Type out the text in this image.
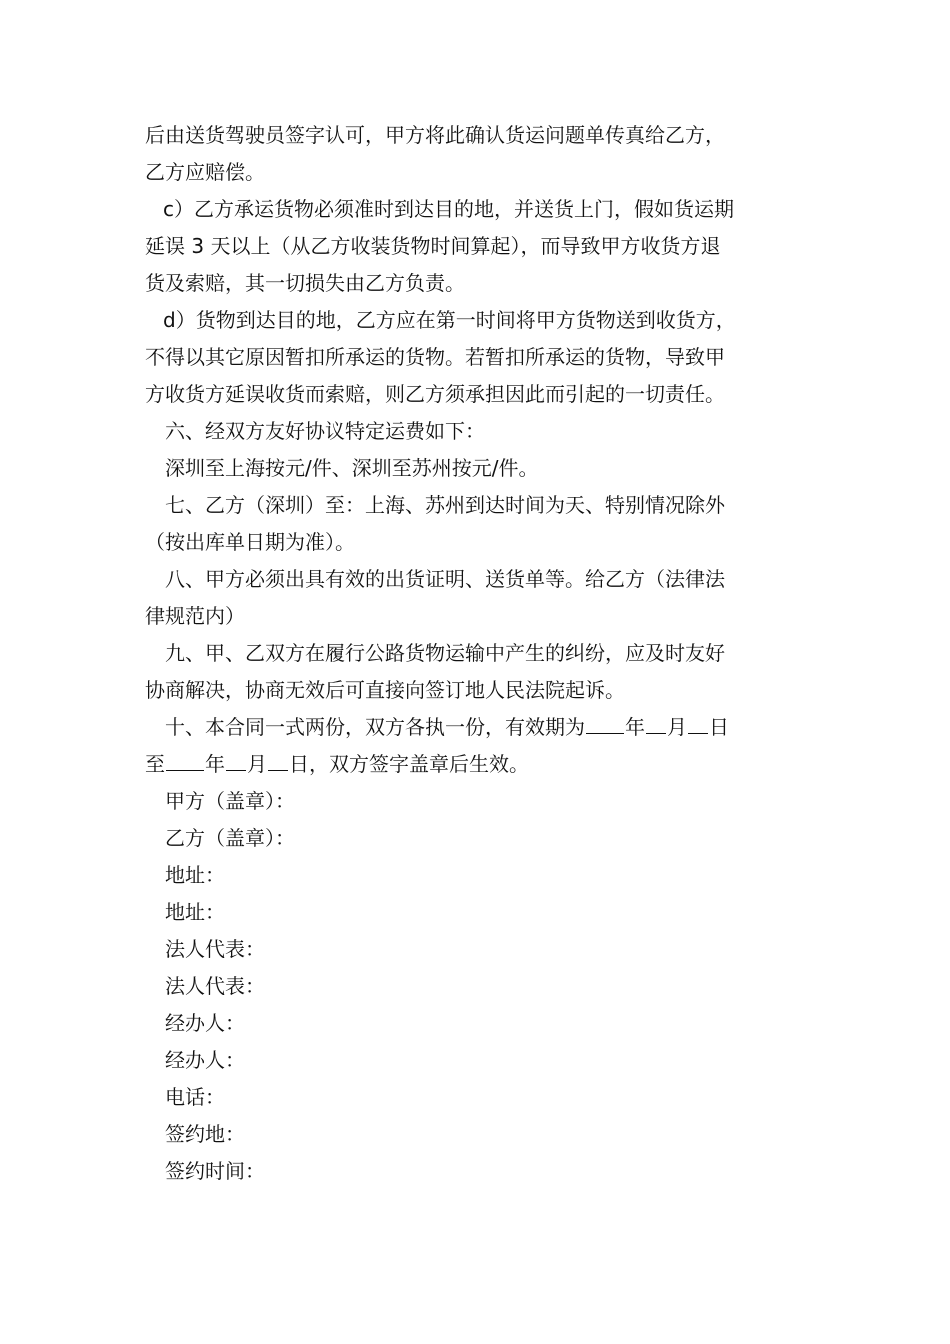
后由送货驾驶员签字认可，甲方将此确认货运问题单传真给乙方，
乙方应赔偿。

c）乙方承运货物必须准时到达目的地，并送货上门，假如货运期
延误 3 天以上（从乙方收装货物时间算起），而导致甲方收货方退
货及索赔，其一切损失由乙方负责。

d）货物到达目的地，乙方应在第一时间将甲方货物送到收货方，
不得以其它原因暂扣所承运的货物。若暂扣所承运的货物，导致甲
方收货方延误收货而索赔，则乙方须承担因此而引起的一切责任。

六、经双方友好协议特定运费如下：
深圳至上海按元/件、深圳至苏州按元/件。

七、乙方（深圳）至：上海、苏州到达时间为天、特别情况除外
（按出库单日期为准）。

八、甲方必须出具有效的出货证明、送货单等。给乙方（法律法
律规范内）

九、甲、乙双方在履行公路货物运输中产生的纠纷，应及时友好
协商解决，协商无效后可直接向签订地人民法院起诉。

十、本合同一式两份，双方各执一份，有效期为 年 月 日
至 年 月 日，双方签字盖章后生效。

甲方（盖章）：
乙方（盖章）：
地址：
地址：
法人代表：
法人代表：
经办人：
经办人：
电话：
签约地：
签约时间：
